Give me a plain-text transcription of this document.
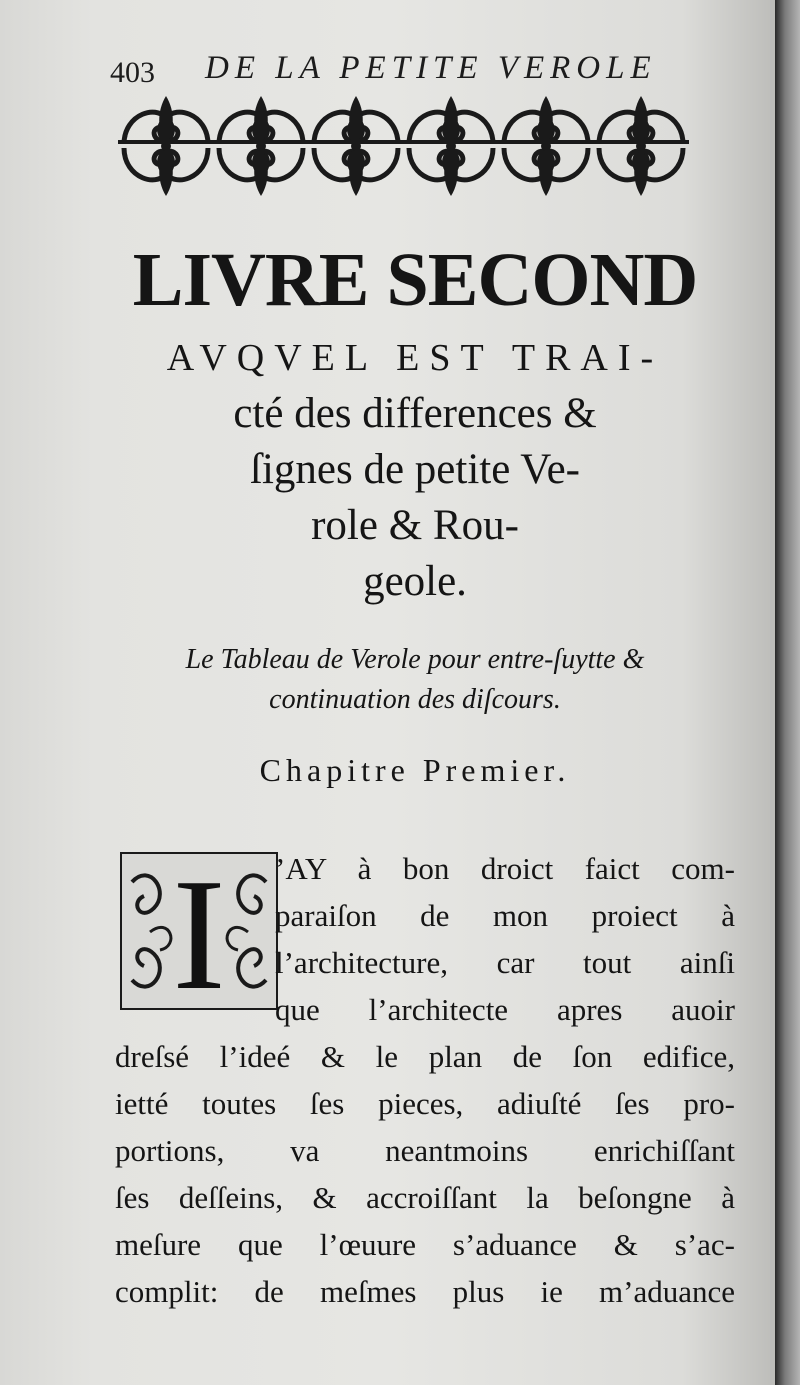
403 DE LA PETITE VEROLE
LIVRE SECOND

AVQVEL EST TRAI-

cté des differences &

ſignes de petite Ve-

role & Rou-

geole.

Le Tableau de Verole pour entre-ſuytte &
continuation des diſcours.
Chapitre Premier.
I	’AY à bon droict faict com-
paraiſon de mon proiect à
l’architecture, car tout ainſi
que l’architecte apres auoir
dreſsé l’ideé & le plan de ſon edifice,
ietté toutes ſes pieces, adiuſté ſes pro-
portions, va neantmoins enrichiſſant
ſes deſſeins, & accroiſſant la beſongne à
meſure que l’œuure s’aduance & s’ac-
complit: de meſmes plus ie m’aduance
